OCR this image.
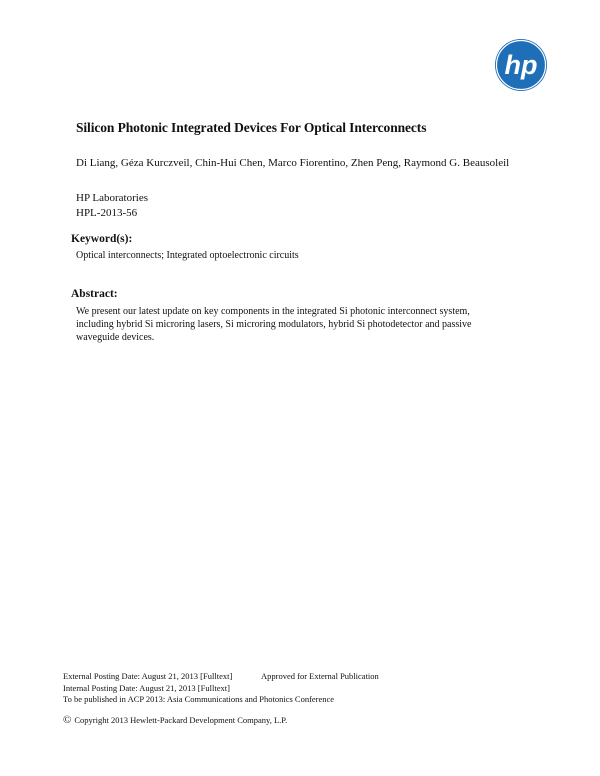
hp
Silicon Photonic Integrated Devices For Optical Interconnects
Di Liang, Géza Kurczveil, Chin-Hui Chen, Marco Fiorentino, Zhen Peng, Raymond G. Beausoleil
HP Laboratories
HPL-2013-56
Keyword(s):
Optical interconnects; Integrated optoelectronic circuits
Abstract:
We present our latest update on key components in the integrated Si photonic interconnect system,
including hybrid Si microring lasers, Si microring modulators, hybrid Si photodetector and passive
waveguide devices.
External Posting Date: August 21, 2013 [Fulltext]	Approved for External Publication
Internal Posting Date: August 21, 2013 [Fulltext]
To be published in ACP 2013: Asia Communications and Photonics Conference
© Copyright 2013 Hewlett-Packard Development Company, L.P.
